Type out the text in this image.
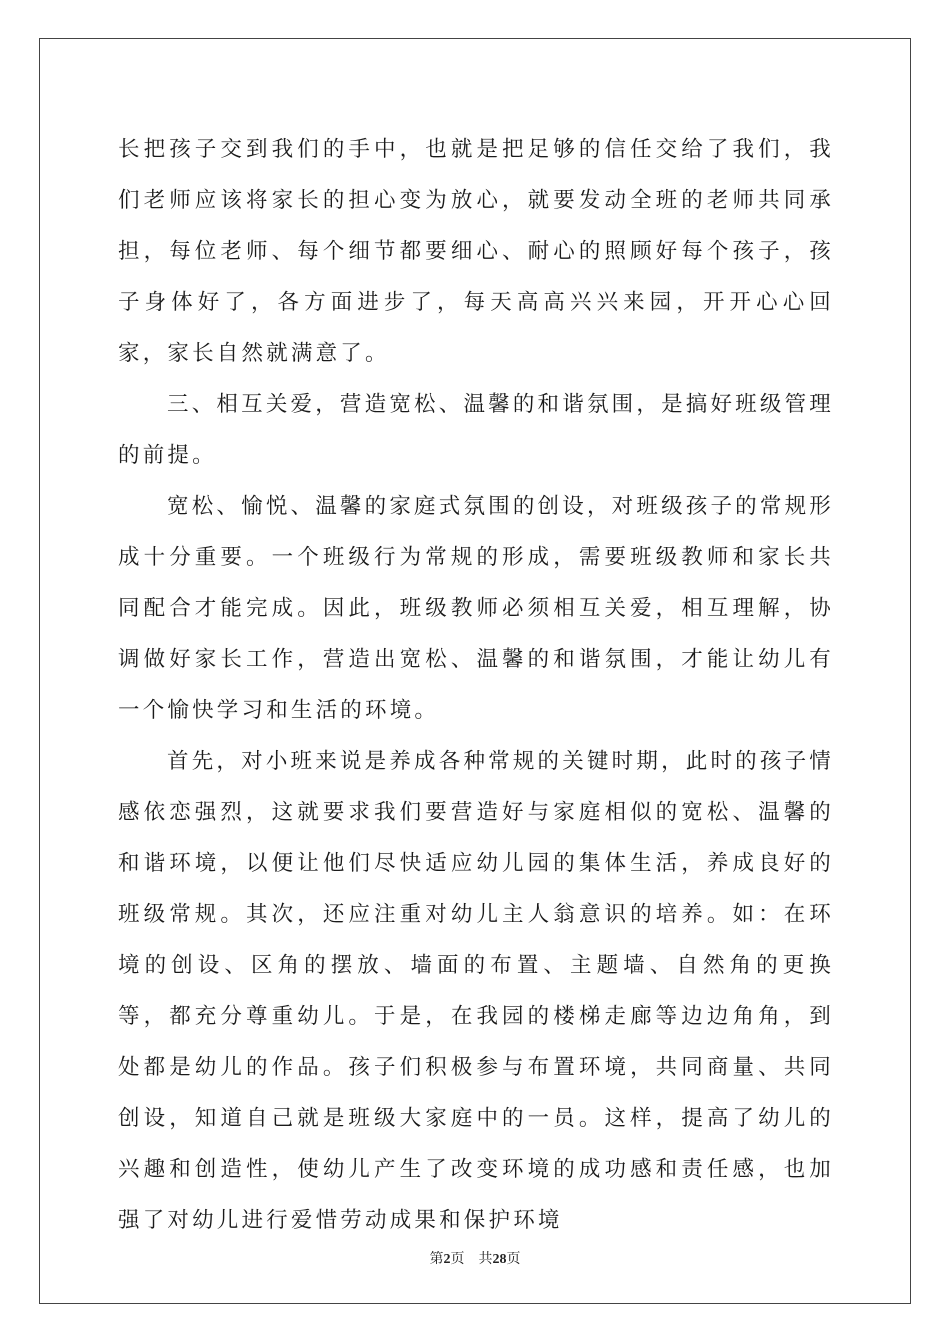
长把孩子交到我们的手中，也就是把足够的信任交给了我们，我们老师应该将家长的担心变为放心，就要发动全班的老师共同承担，每位老师、每个细节都要细心、耐心的照顾好每个孩子，孩子身体好了，各方面进步了，每天高高兴兴来园，开开心心回家，家长自然就满意了。

三、相互关爱，营造宽松、温馨的和谐氛围，是搞好班级管理的前提。

宽松、愉悦、温馨的家庭式氛围的创设，对班级孩子的常规形成十分重要。一个班级行为常规的形成，需要班级教师和家长共同配合才能完成。因此，班级教师必须相互关爱，相互理解，协调做好家长工作，营造出宽松、温馨的和谐氛围，才能让幼儿有一个愉快学习和生活的环境。

首先，对小班来说是养成各种常规的关键时期，此时的孩子情感依恋强烈，这就要求我们要营造好与家庭相似的宽松、温馨的和谐环境，以便让他们尽快适应幼儿园的集体生活，养成良好的班级常规。其次，还应注重对幼儿主人翁意识的培养。如：在环境的创设、区角的摆放、墙面的布置、主题墙、自然角的更换等，都充分尊重幼儿。于是，在我园的楼梯走廊等边边角角，到处都是幼儿的作品。孩子们积极参与布置环境，共同商量、共同创设，知道自己就是班级大家庭中的一员。这样，提高了幼儿的兴趣和创造性，使幼儿产生了改变环境的成功感和责任感，也加强了对幼儿进行爱惜劳动成果和保护环境

第2页    共28页
